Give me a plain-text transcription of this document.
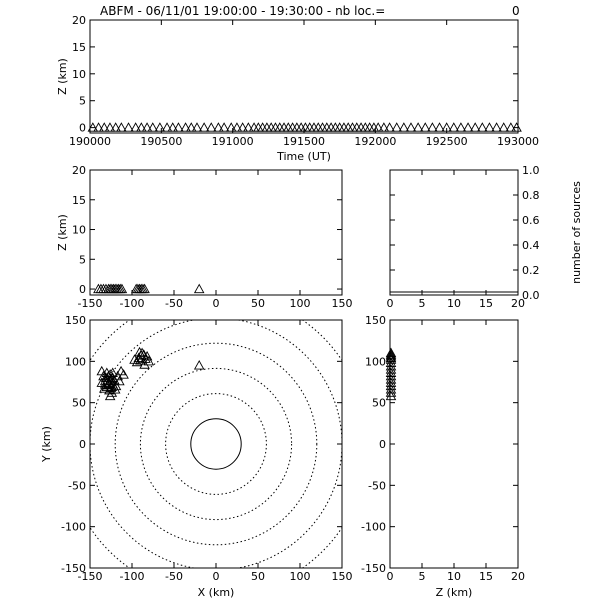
ABFM - 06/11/01 19:00:00 - 19:30:00 - nb loc.=	0
190000	190500	191000	191500	192000	192500	193000
0
5
10
15
20
Time (UT)
Z (km)
-150 -100 -50	0	50 100 150
0
5
10
15
20
Z (km)
0 5 10 15 20
0.0
0.2
0.4
0.6
0.8
1.0
number of sources
-150 -100 -50	0	50 100 150
-150
-100
-50
0
50
100
150
X (km)
Y (km)
0 5 10 15 20
-150
-100
-50
0
50
100
150
Z (km)
